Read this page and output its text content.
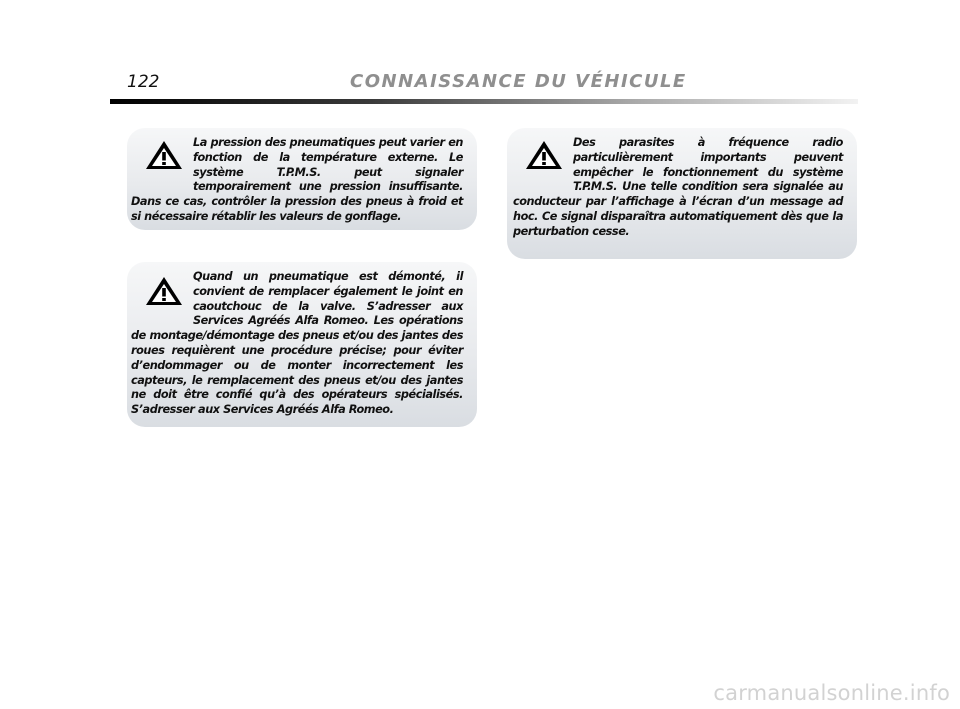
122	CONNAISSANCE DU VÉHICULE

La pression des pneumatiques peut varier en fonction de la température externe. Le système T.P.M.S. peut signaler temporairement une pression insuffisante. Dans ce cas, contrôler la pression des pneus à froid et si nécessaire rétablir les valeurs de gonflage.

Quand un pneumatique est démonté, il convient de remplacer également le joint en caoutchouc de la valve. S’adresser aux Services Agréés Alfa Romeo. Les opérations de montage/démontage des pneus et/ou des jantes des roues requièrent une procédure précise; pour éviter d’endommager ou de monter incorrectement les capteurs, le remplacement des pneus et/ou des jantes ne doit être confié qu’à des opérateurs spécialisés. S’adresser aux Services Agréés Alfa Romeo.

Des parasites à fréquence radio particulièrement importants peuvent empêcher le fonctionnement du système T.P.M.S. Une telle condition sera signalée au conducteur par l’affichage à l’écran d’un message ad hoc. Ce signal disparaîtra automatiquement dès que la perturbation cesse.

carmanualsonline.info
